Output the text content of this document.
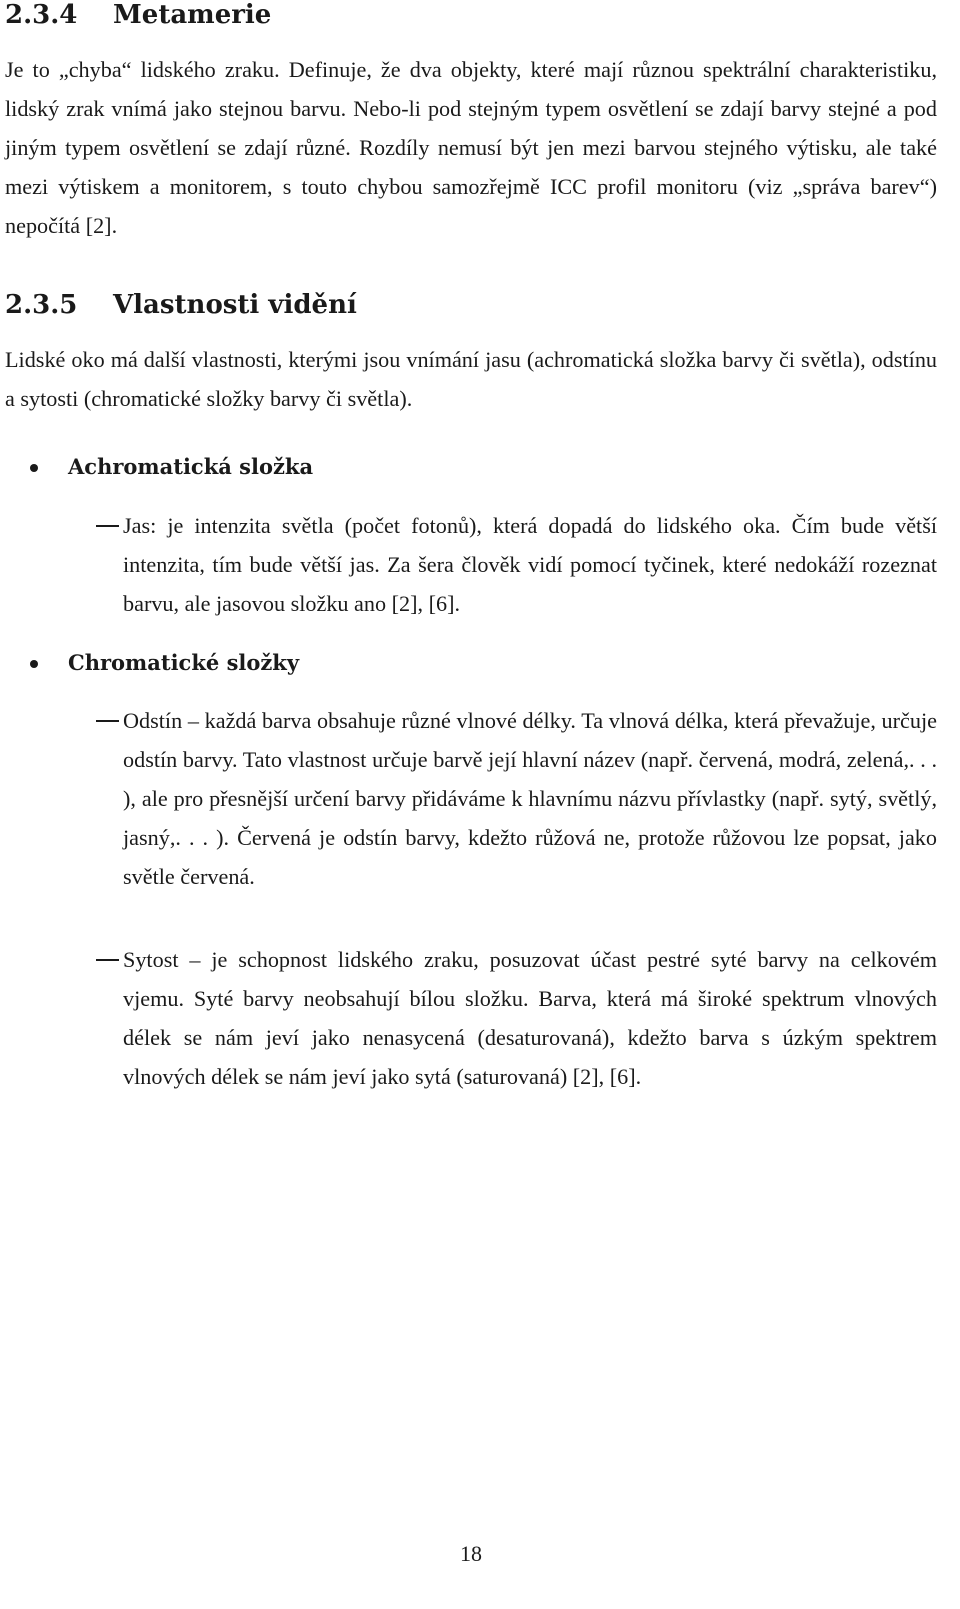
2.3.4 Metamerie

Je to „chyba“ lidského zraku. Definuje, že dva objekty, které mají různou spektrální charakteristiku, lidský zrak vnímá jako stejnou barvu. Nebo-li pod stejným typem osvětlení se zdají barvy stejné a pod jiným typem osvětlení se zdají různé. Rozdíly nemusí být jen mezi barvou stejného výtisku, ale také mezi výtiskem a monitorem, s touto chybou samozřejmě ICC profil monitoru (viz „správa barev“) nepočítá [2].

2.3.5 Vlastnosti vidění

Lidské oko má další vlastnosti, kterými jsou vnímání jasu (achromatická složka barvy či světla), odstínu a sytosti (chromatické složky barvy či světla).

Achromatická složka
Jas: je intenzita světla (počet fotonů), která dopadá do lidského oka. Čím bude větší intenzita, tím bude větší jas. Za šera člověk vidí pomocí tyčinek, které nedokáží rozeznat barvu, ale jasovou složku ano [2], [6].
Chromatické složky
Odstín – každá barva obsahuje různé vlnové délky. Ta vlnová délka, která převažuje, určuje odstín barvy. Tato vlastnost určuje barvě její hlavní název (např. červená, modrá, zelená,. . . ), ale pro přesnější určení barvy přidáváme k hlavnímu názvu přívlastky (např. sytý, světlý, jasný,. . . ). Červená je odstín barvy, kdežto růžová ne, protože růžovou lze popsat, jako světle červená.
Sytost – je schopnost lidského zraku, posuzovat účast pestré syté barvy na celkovém vjemu. Syté barvy neobsahují bílou složku. Barva, která má široké spektrum vlnových délek se nám jeví jako nenasycená (desaturovaná), kdežto barva s úzkým spektrem vlnových délek se nám jeví jako sytá (saturovaná) [2], [6].
18
